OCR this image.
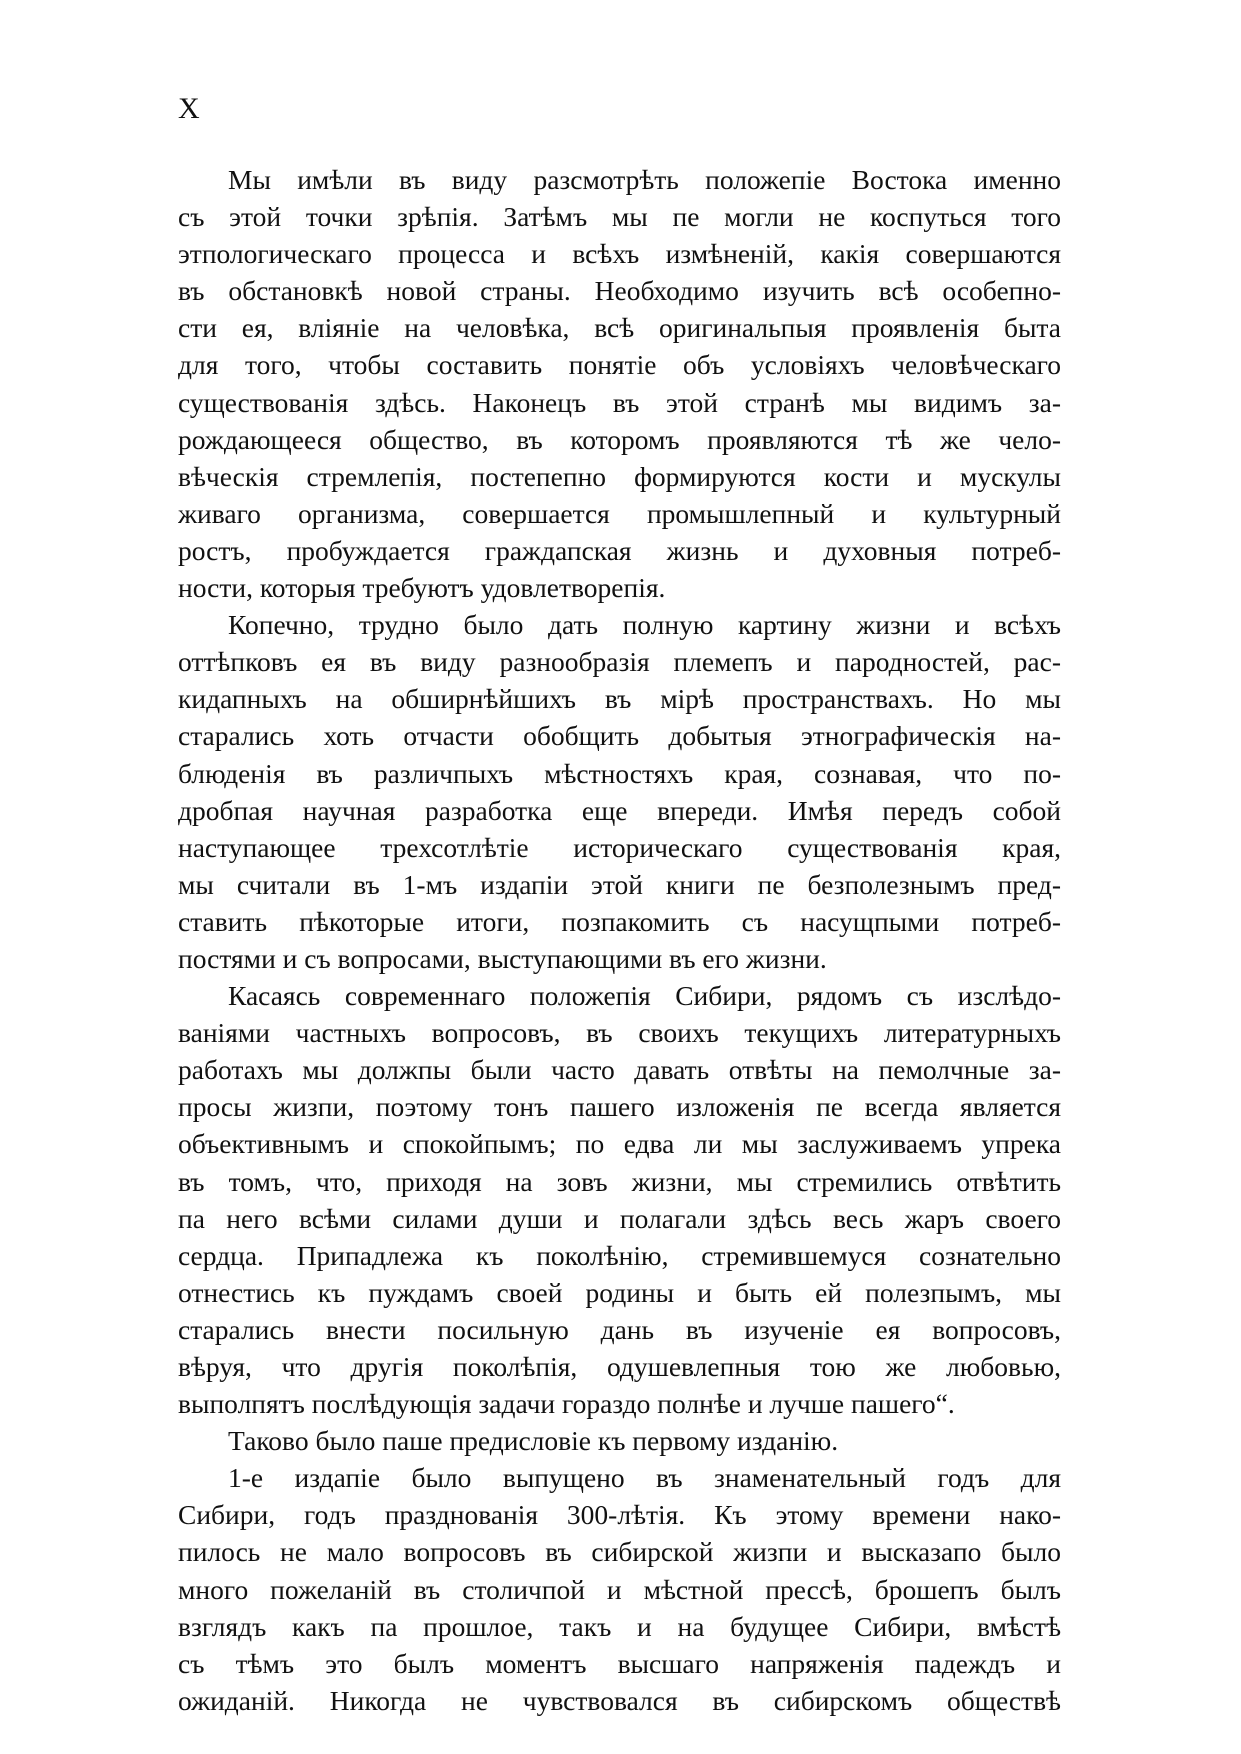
X
Мы имѣли въ виду разсмотрѣть положепіе Востока именно
съ этой точки зрѣпія. Затѣмъ мы пе могли не коспуться того
этпологическаго процесса и всѣхъ измѣненій, какія совершаются
въ обстановкѣ новой страны. Необходимо изучить всѣ особепно-
сти ея, вліяніе на человѣка, всѣ оригинальпыя проявленія быта
для того, чтобы составить понятіе объ условіяхъ человѣческаго
существованія здѣсь. Наконецъ въ этой странѣ мы видимъ за-
рождающееся общество, въ которомъ проявляются тѣ же чело-
вѣческія стремлепія, постепепно формируются кости и мускулы
живаго организма, совершается промышлепный и культурный
ростъ, пробуждается граждапская жизнь и духовныя потреб-
ности, которыя требуютъ удовлетворепія.
Копечно, трудно было дать полную картину жизни и всѣхъ
оттѣпковъ ея въ виду разнообразія племепъ и пародностей, рас-
кидапныхъ на обширнѣйшихъ въ мірѣ пространствахъ. Но мы
старались хоть отчасти обобщить добытыя этнографическія на-
блюденія въ различпыхъ мѣстностяхъ края, сознавая, что по-
дробпая научная разработка еще впереди. Имѣя передъ собой
наступающее трехсотлѣтіе историческаго существованія края,
мы считали въ 1-мъ издапіи этой книги пе безполезнымъ пред-
ставить пѣкоторые итоги, позпакомить съ насущпыми потреб-
постями и съ вопросами, выступающими въ его жизни.
Касаясь современнаго положепія Сибири, рядомъ съ изслѣдо-
ваніями частныхъ вопросовъ, въ своихъ текущихъ литературныхъ
работахъ мы должпы были часто давать отвѣты на пемолчные за-
просы жизпи, поэтому тонъ пашего изложенія пе всегда является
объективнымъ и спокойпымъ; по едва ли мы заслуживаемъ упрека
въ томъ, что, приходя на зовъ жизни, мы стремились отвѣтить
па него всѣми силами души и полагали здѣсь весь жаръ своего
сердца. Припадлежа къ поколѣнію, стремившемуся сознательно
отнестись къ пуждамъ своей родины и быть ей полезпымъ, мы
старались внести посильную дань въ изученіе ея вопросовъ,
вѣруя, что другія поколѣпія, одушевлепныя тою же любовью,
выполпятъ послѣдующія задачи гораздо полнѣе и лучше пашего“.
Таково было паше предисловіе къ первому изданію.
1-е издапіе было выпущено въ знаменательный годъ для
Сибири, годъ празднованія 300-лѣтія. Къ этому времени нако-
пилось не мало вопросовъ въ сибирской жизпи и высказапо было
много пожеланій въ столичпой и мѣстной прессѣ, брошепъ былъ
взглядъ какъ па прошлое, такъ и на будущее Сибири, вмѣстѣ
съ тѣмъ это былъ моментъ высшаго напряженія падеждъ и
ожиданій. Никогда не чувствовался въ сибирскомъ обществѣ
